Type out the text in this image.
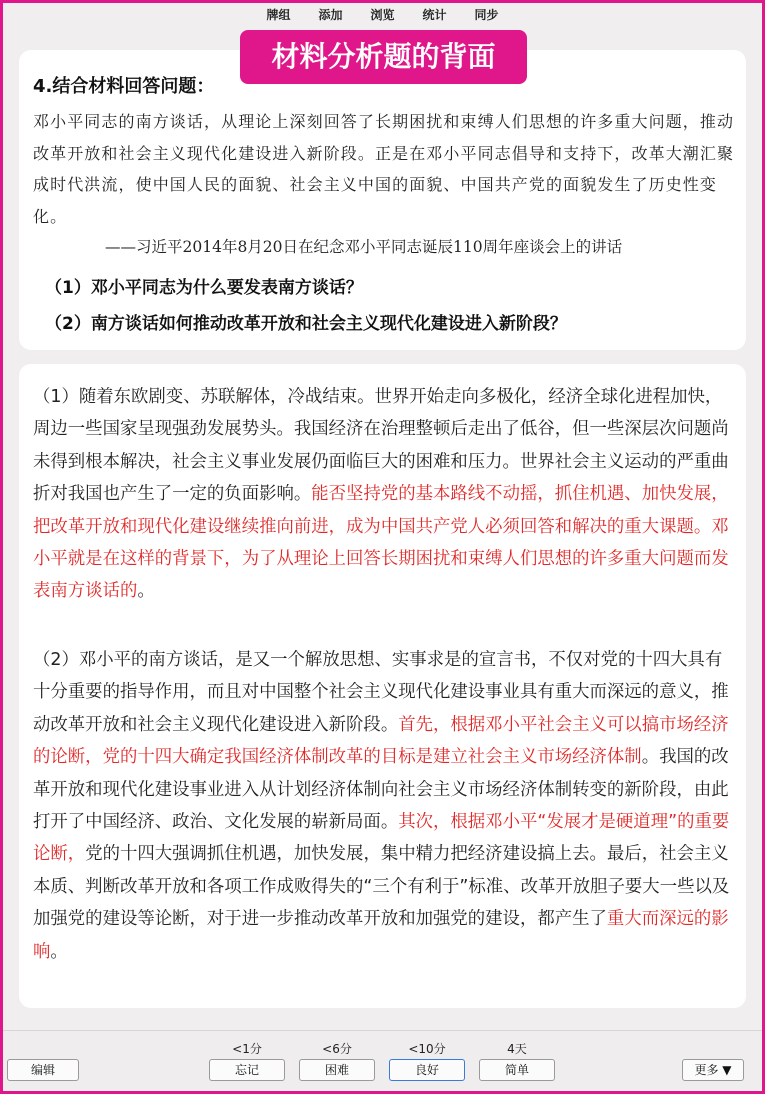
牌组 添加 浏览 统计 同步
材料分析题的背面
4.结合材料回答问题：
邓小平同志的南方谈话，从理论上深刻回答了长期困扰和束缚人们思想的许多重大问题，推动改革开放和社会主义现代化建设进入新阶段。正是在邓小平同志倡导和支持下，改革大潮汇聚成时代洪流，使中国人民的面貌、社会主义中国的面貌、中国共产党的面貌发生了历史性变化。
——习近平2014年8月20日在纪念邓小平同志诞辰110周年座谈会上的讲话
（1）邓小平同志为什么要发表南方谈话？
（2）南方谈话如何推动改革开放和社会主义现代化建设进入新阶段？
（1）随着东欧剧变、苏联解体，冷战结束。世界开始走向多极化，经济全球化进程加快，周边一些国家呈现强劲发展势头。我国经济在治理整顿后走出了低谷，但一些深层次问题尚未得到根本解决，社会主义事业发展仍面临巨大的困难和压力。世界社会主义运动的严重曲折对我国也产生了一定的负面影响。能否坚持党的基本路线不动摇，抓住机遇、加快发展，把改革开放和现代化建设继续推向前进，成为中国共产党人必须回答和解决的重大课题。邓小平就是在这样的背景下，为了从理论上回答长期困扰和束缚人们思想的许多重大问题而发表南方谈话的。
（2）邓小平的南方谈话，是又一个解放思想、实事求是的宣言书，不仅对党的十四大具有十分重要的指导作用，而且对中国整个社会主义现代化建设事业具有重大而深远的意义，推动改革开放和社会主义现代化建设进入新阶段。首先，根据邓小平社会主义可以搞市场经济的论断，党的十四大确定我国经济体制改革的目标是建立社会主义市场经济体制。我国的改革开放和现代化建设事业进入从计划经济体制向社会主义市场经济体制转变的新阶段，由此打开了中国经济、政治、文化发展的崭新局面。其次，根据邓小平“发展才是硬道理”的重要论断，党的十四大强调抓住机遇，加快发展，集中精力把经济建设搞上去。最后，社会主义本质、判断改革开放和各项工作成败得失的“三个有利于”标准、改革开放胆子要大一些以及加强党的建设等论断，对于进一步推动改革开放和加强党的建设，都产生了重大而深远的影响。
编辑
<1分
忘记
<6分
困难
<10分
良好
4天
简单	更多 ▼
